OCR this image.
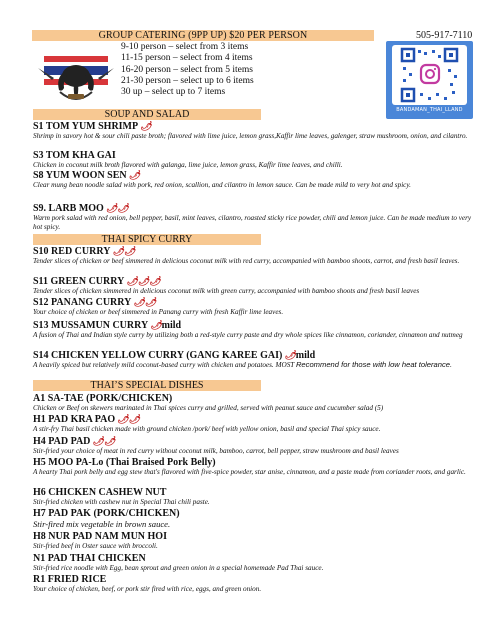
GROUP CATERING (9PP UP) $20 PER PERSON	505-917-7110
9-10 person – select from 3 items
11-15 person – select from 4 items
16-20 person – select from 5 items
21-30 person – select up to 6 items
30 up – select up to 7 items
BANDAMAN_THAI_LLAND
SOUP AND SALAD
S1 TOM YUM SHRIMP 🌶
Shrimp in savory hot & sour chili paste broth; flavored with lime juice, lemon grass,Kaffir lime leaves, galenger, straw mushroom, onion, and cilantro.
S3 TOM KHA GAI
Chicken in coconut milk broth flavored with galanga, lime juice, lemon grass, Kaffir lime leaves, and chilli.
S8 YUM WOON SEN 🌶
Clear mung bean noodle salad with pork, red onion, scallion, and cilantro in lemon sauce. Can be made mild to very hot and spicy.
S9. LARB MOO 🌶🌶
Warm pork salad with red onion, bell pepper, basil, mint leaves, cilantro, roasted sticky rice powder, chili and lemon juice. Can be made medium to very hot spicy.
THAI SPICY CURRY
S10 RED CURRY 🌶🌶
Tender slices of chicken or beef simmered in delicious coconut milk with red curry, accompanied with bamboo shoots, carrot, and fresh basil leaves.
S11 GREEN CURRY 🌶🌶🌶
Tender slices of chicken simmered in delicious coconut milk with green curry, accompanied with bamboo shoots and fresh basil leaves
S12 PANANG CURRY 🌶🌶
Your choice of chicken or beef simmered in Panang curry with fresh Kaffir lime leaves.
S13 MUSSAMUN CURRY 🌶mild
A fusion of Thai and Indian style curry by utilizing both a red-style curry paste and dry whole spices like cinnamon, coriander, cinnamon and nutmeg
S14 CHICKEN YELLOW CURRY (GANG KAREE GAI) 🌶mild
A heavily spiced but relatively mild coconut-based curry with chicken and potatoes. MOST Recommend for those with low heat tolerance.
THAI’S SPECIAL DISHES
A1 SA-TAE (PORK/CHICKEN)
Chicken or Beef on skewers marinated in Thai spices curry and grilled, served with peanut sauce and cucumber salad (5)
H1 PAD KRA PAO 🌶🌶
A stir-fry Thai basil chicken made with ground chicken /pork/ beef with yellow onion, basil and special Thai spicy sauce.
H4 PAD PAD 🌶🌶
Stir-fried your choice of meat in red curry without coconut milk, bamboo, carrot, bell pepper, straw mushroom and basil leaves
H5 MOO PA-Lo (Thai Braised Pork Belly)
A hearty Thai pork belly and egg stew that's flavored with five-spice powder, star anise, cinnamon, and a paste made from coriander roots, and garlic.
H6 CHICKEN CASHEW NUT
Stir-fried chicken with cashew nut in Special Thai chili paste.
H7 PAD PAK (PORK/CHICKEN)
Stir-fired mix vegetable in brown sauce.
H8 NUR PAD NAM MUN HOI
Stir-fried beef in Oster sauce with broccoli.
N1 PAD THAI CHICKEN
Stir-fried rice noodle with Egg, bean sprout and green onion in a special homemade Pad Thai sauce.
R1 FRIED RICE
Your choice of chicken, beef, or pork stir fired with rice, eggs, and green onion.
